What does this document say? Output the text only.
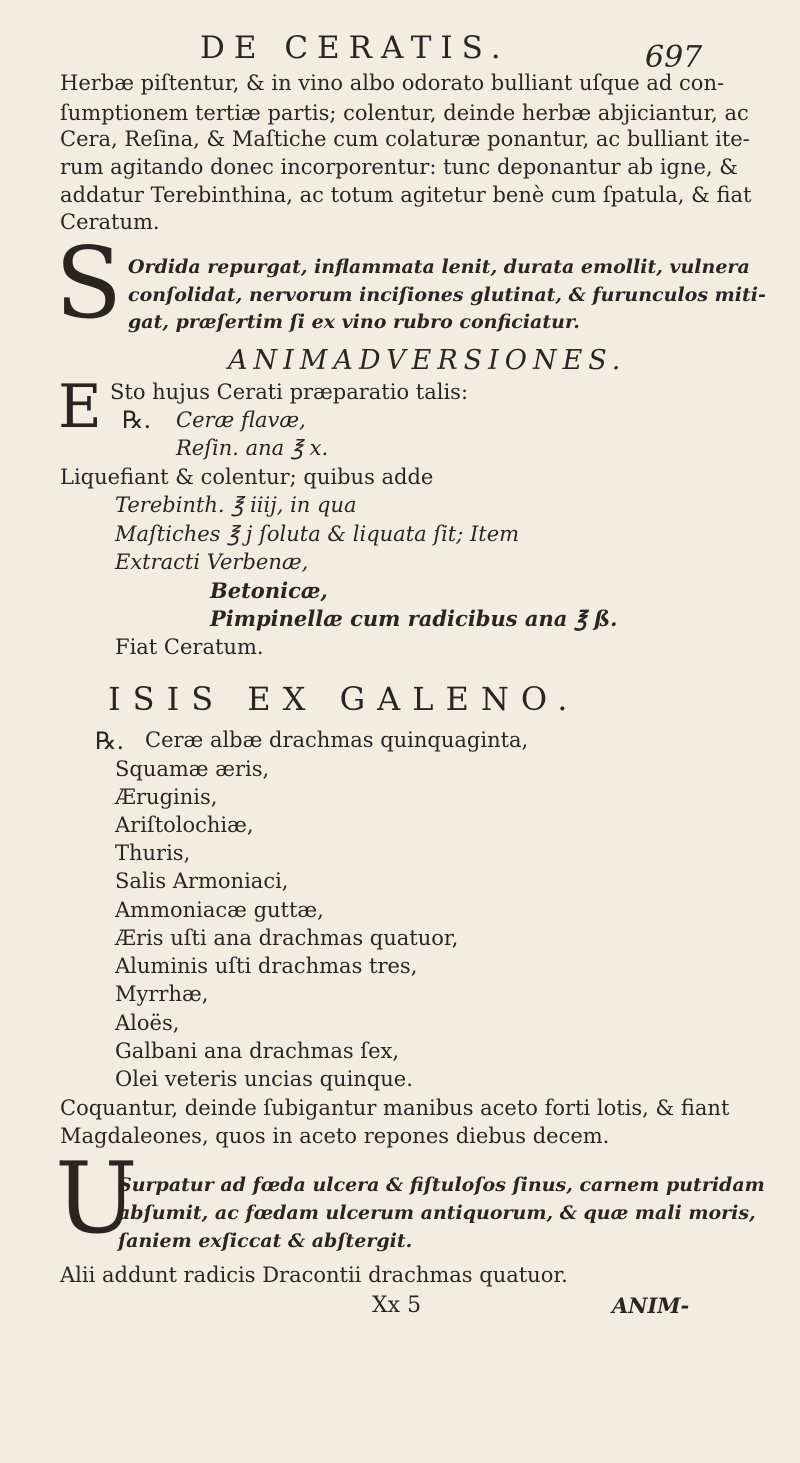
DE CERATIS.	697
Herbæ piſtentur, & in vino albo odorato bulliant uſque ad con-
ſumptionem tertiæ partis; colentur, deinde herbæ abjiciantur, ac
Cera, Reſina, & Maſtiche cum colaturæ ponantur, ac bulliant ite-
rum agitando donec incorporentur: tunc deponantur ab igne, &
addatur Terebinthina, ac totum agitetur benè cum ſpatula, & fiat
Ceratum.
S Ordida repurgat, inflammata lenit, durata emollit, vulnera
conſolidat, nervorum inciſiones glutinat, & furunculos miti-
gat, præſertim ſi ex vino rubro conficiatur.
ANIMADVERSIONES.
E Sto hujus Cerati præparatio talis:
℞. Ceræ flavæ,
Reſin. ana ℥ x.
Liquefiant & colentur; quibus adde
Terebinth. ℥ iiij, in qua
Maſtiches ℥ j ſoluta & liquata ſit; Item
Extracti Verbenæ,
Betonicæ,
Pimpinellæ cum radicibus ana ℥ ß.
Fiat Ceratum.
ISIS EX GALENO.
℞. Ceræ albæ drachmas quinquaginta,
Squamæ æris,
Æruginis,
Ariſtolochiæ,
Thuris,
Salis Armoniaci,
Ammoniacæ guttæ,
Æris uſti ana drachmas quatuor,
Aluminis uſti drachmas tres,
Myrrhæ,
Aloës,
Galbani ana drachmas ſex,
Olei veteris uncias quinque.
Coquantur, deinde ſubigantur manibus aceto forti lotis, & fiant
Magdaleones, quos in aceto repones diebus decem.
U
Surpatur ad fœda ulcera & fiſtuloſos ſinus, carnem putridam
abſumit, ac fœdam ulcerum antiquorum, & quæ mali moris,
ſaniem exſiccat & abſtergit.
Alii addunt radicis Dracontii drachmas quatuor.
Xx 5	ANIM-
